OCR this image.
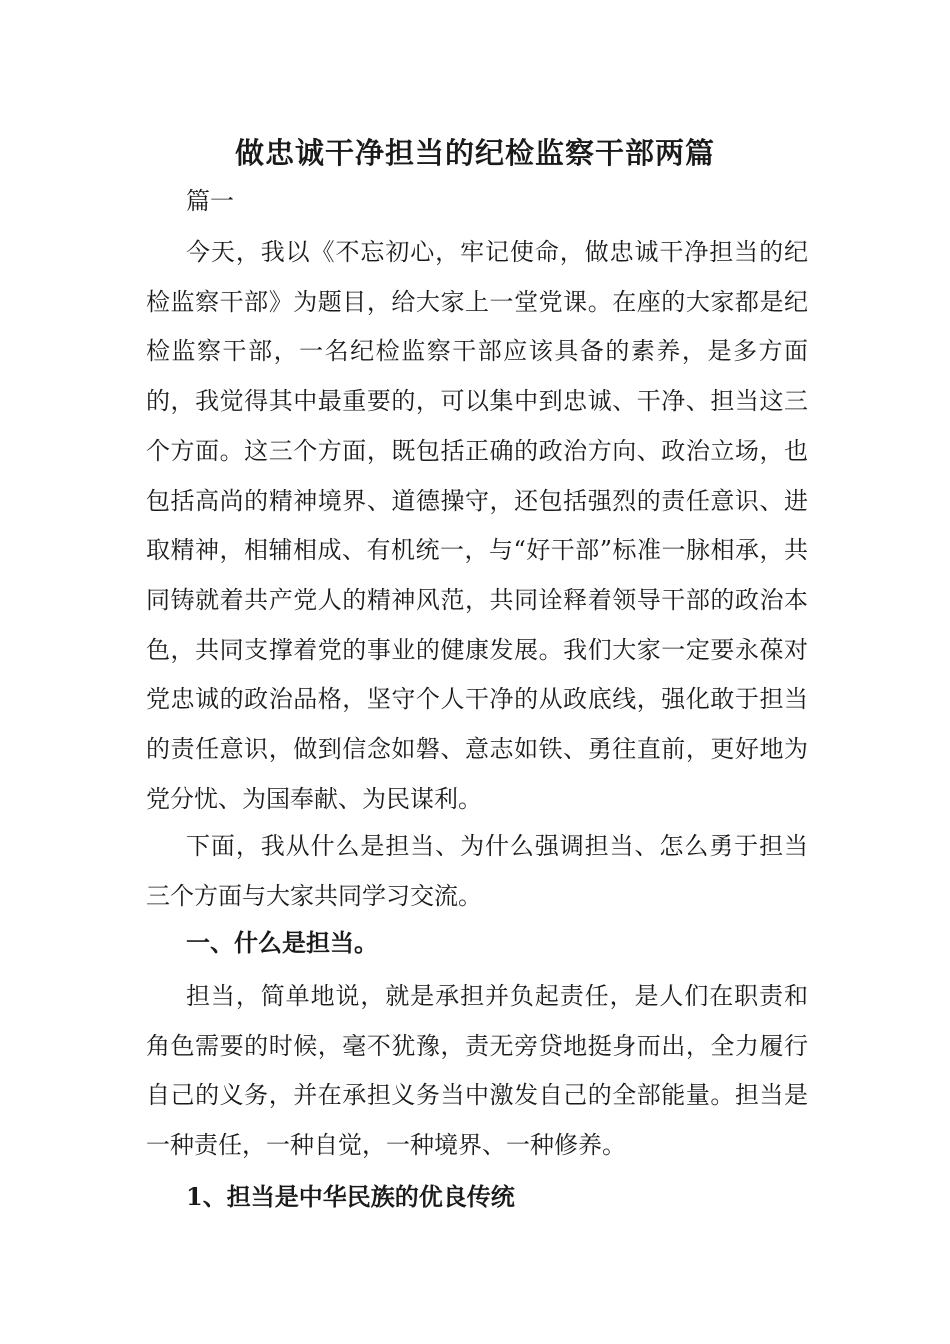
做忠诚干净担当的纪检监察干部两篇

篇一

今天，我以《不忘初心，牢记使命，做忠诚干净担当的纪检监察干部》为题目，给大家上一堂党课。在座的大家都是纪检监察干部，一名纪检监察干部应该具备的素养，是多方面的，我觉得其中最重要的，可以集中到忠诚、干净、担当这三个方面。这三个方面，既包括正确的政治方向、政治立场，也包括高尚的精神境界、道德操守，还包括强烈的责任意识、进取精神，相辅相成、有机统一，与“好干部”标准一脉相承，共同铸就着共产党人的精神风范，共同诠释着领导干部的政治本色，共同支撑着党的事业的健康发展。我们大家一定要永葆对党忠诚的政治品格，坚守个人干净的从政底线，强化敢于担当的责任意识，做到信念如磐、意志如铁、勇往直前，更好地为党分忧、为国奉献、为民谋利。

下面，我从什么是担当、为什么强调担当、怎么勇于担当三个方面与大家共同学习交流。

一、什么是担当。

担当，简单地说，就是承担并负起责任，是人们在职责和角色需要的时候，毫不犹豫，责无旁贷地挺身而出，全力履行自己的义务，并在承担义务当中激发自己的全部能量。担当是一种责任，一种自觉，一种境界、一种修养。

1、担当是中华民族的优良传统
